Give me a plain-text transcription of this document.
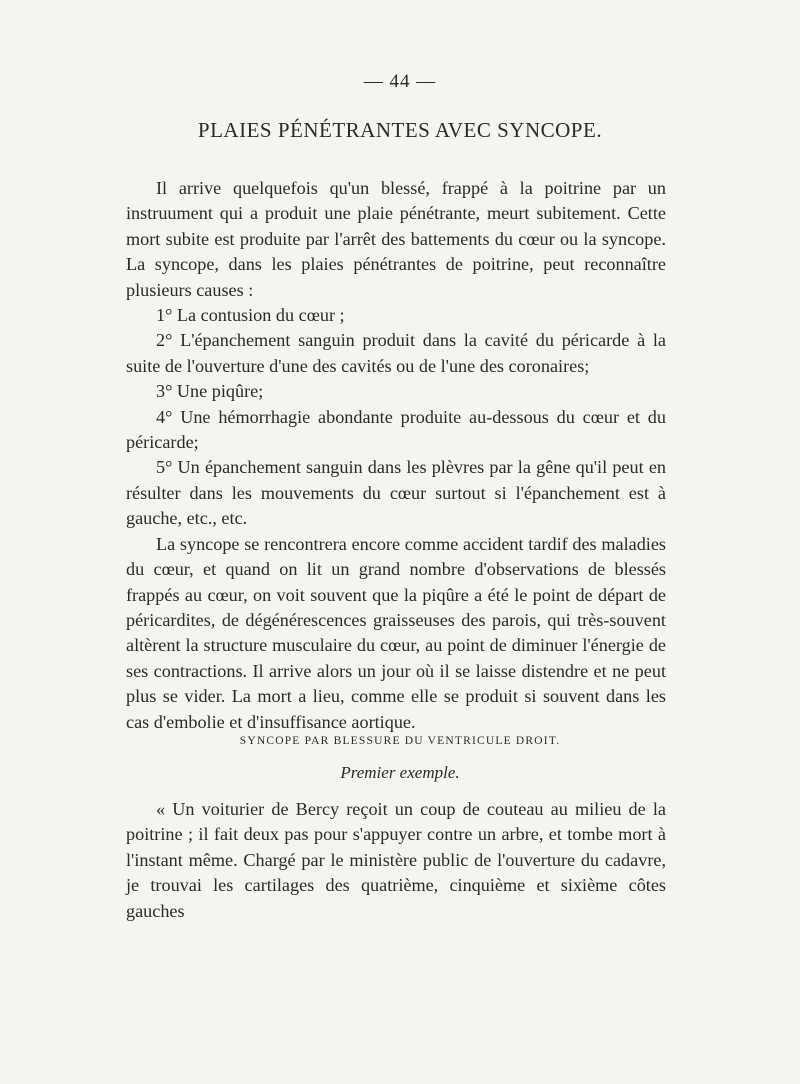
— 44 —
PLAIES PÉNÉTRANTES AVEC SYNCOPE.

Il arrive quelquefois qu'un blessé, frappé à la poitrine par un instruument qui a produit une plaie pénétrante, meurt subitement. Cette mort subite est produite par l'arrêt des battements du cœur ou la syncope. La syncope, dans les plaies pénétrantes de poitrine, peut reconnaître plusieurs causes :

1° La contusion du cœur ;

2° L'épanchement sanguin produit dans la cavité du péricarde à la suite de l'ouverture d'une des cavités ou de l'une des coronaires;

3° Une piqûre;

4° Une hémorrhagie abondante produite au-dessous du cœur et du péricarde;

5° Un épanchement sanguin dans les plèvres par la gêne qu'il peut en résulter dans les mouvements du cœur surtout si l'épanchement est à gauche, etc., etc.

La syncope se rencontrera encore comme accident tardif des maladies du cœur, et quand on lit un grand nombre d'observations de blessés frappés au cœur, on voit souvent que la piqûre a été le point de départ de péricardites, de dégénérescences graisseuses des parois, qui très-souvent altèrent la structure musculaire du cœur, au point de diminuer l'énergie de ses contractions. Il arrive alors un jour où il se laisse distendre et ne peut plus se vider. La mort a lieu, comme elle se produit si souvent dans les cas d'embolie et d'insuffisance aortique.

SYNCOPE PAR BLESSURE DU VENTRICULE DROIT.
Premier exemple.

« Un voiturier de Bercy reçoit un coup de couteau au milieu de la poitrine ; il fait deux pas pour s'appuyer contre un arbre, et tombe mort à l'instant même. Chargé par le ministère public de l'ouverture du cadavre, je trouvai les cartilages des quatrième, cinquième et sixième côtes gauches
